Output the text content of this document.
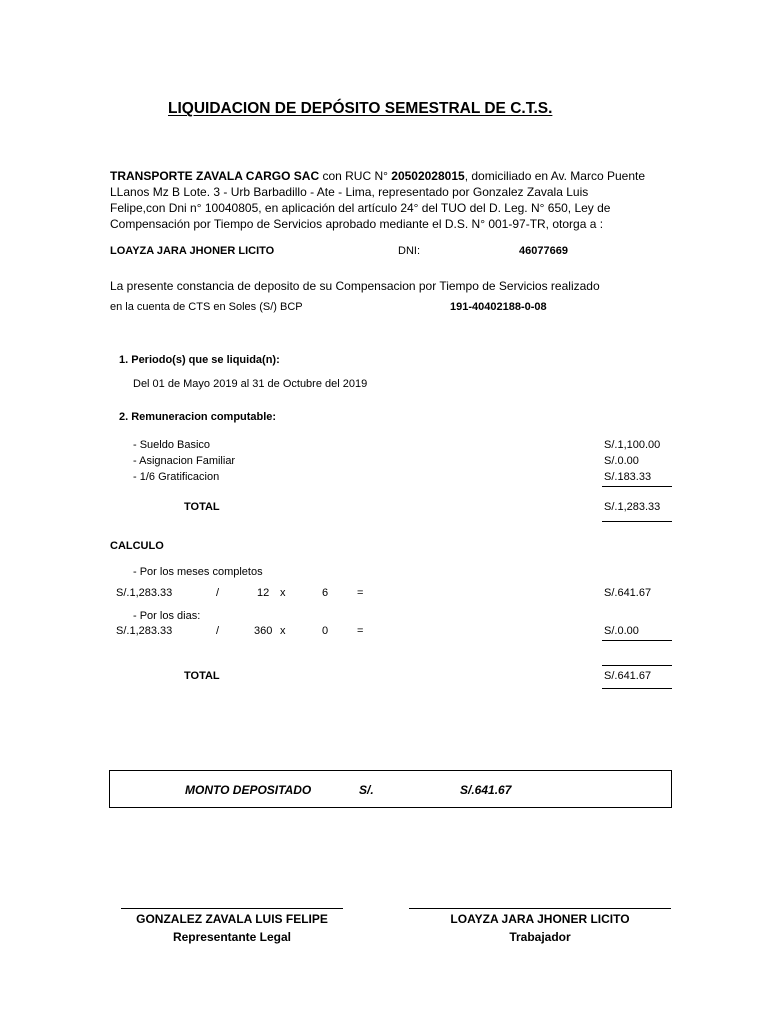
LIQUIDACION DE DEPÓSITO SEMESTRAL DE C.T.S.
TRANSPORTE ZAVALA CARGO SAC con RUC N° 20502028015, domiciliado en Av. Marco Puente
LLanos Mz B Lote. 3 - Urb Barbadillo - Ate - Lima, representado por Gonzalez Zavala Luis
Felipe,con Dni n° 10040805, en aplicación del artículo 24° del TUO del D. Leg. N° 650, Ley de
Compensación por Tiempo de Servicios aprobado mediante el D.S. N° 001-97-TR, otorga a :
LOAYZA JARA JHONER LICITO	DNI:	46077669
La presente constancia de deposito de su Compensacion por Tiempo de Servicios realizado
en la cuenta de CTS en Soles (S/) BCP	191-40402188-0-08
1. Periodo(s) que se liquida(n):
Del 01 de Mayo 2019 al 31 de Octubre del 2019
2. Remuneracion computable:
- Sueldo Basico	S/.1,100.00
- Asignacion Familiar	S/.0.00
- 1/6 Gratificacion	S/.183.33
TOTAL	S/.1,283.33
CALCULO
- Por los meses completos
S/.1,283.33	/	12 x	6	=	S/.641.67
- Por los dias:
S/.1,283.33	/	360 x	0	=	S/.0.00
TOTAL	S/.641.67
MONTO DEPOSITADO	S/.	S/.641.67
GONZALEZ ZAVALA LUIS FELIPE
Representante Legal
LOAYZA JARA JHONER LICITO
Trabajador
